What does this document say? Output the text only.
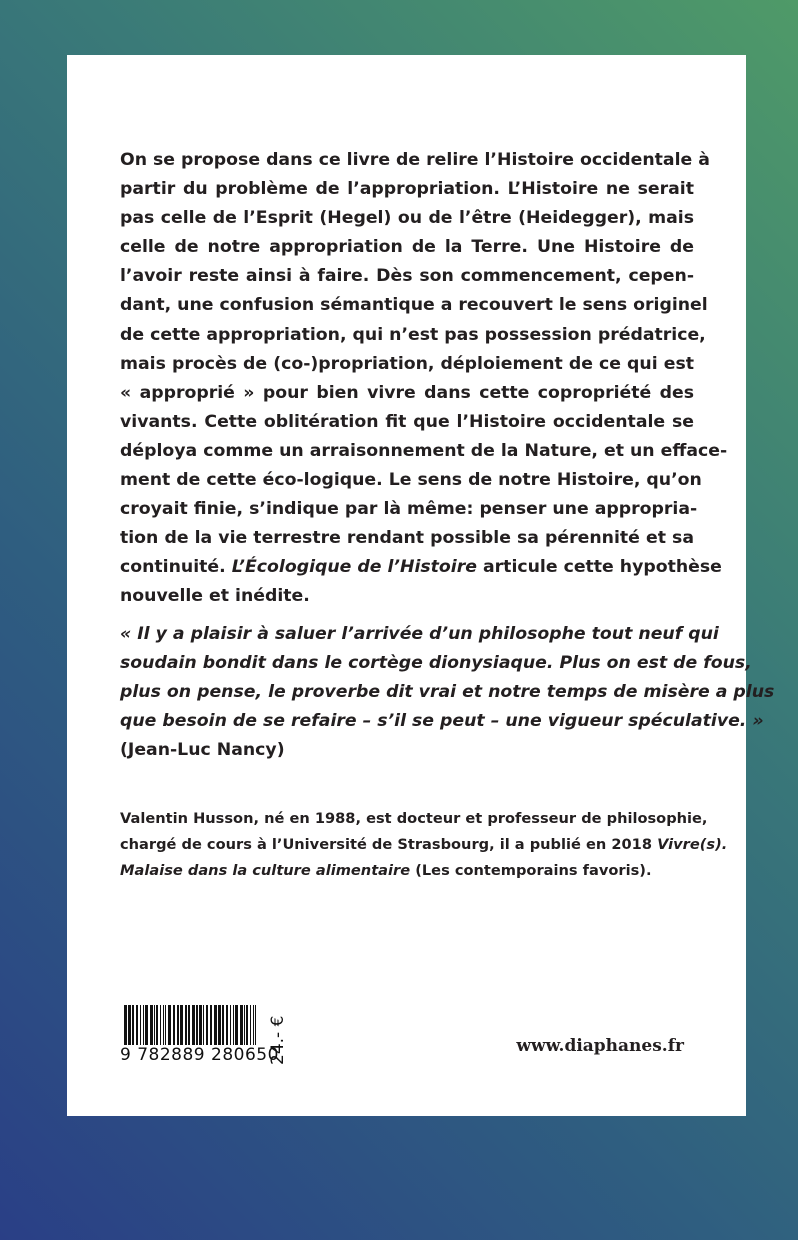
On se propose dans ce livre de relire l’Histoire occidentale à
partir du problème de l’appropriation. L’Histoire ne serait
pas celle de l’Esprit (Hegel) ou de l’être (Heidegger), mais
celle de notre appropriation de la Terre. Une Histoire de
l’avoir reste ainsi à faire. Dès son commencement, cepen-
dant, une confusion sémantique a recouvert le sens originel
de cette appropriation, qui n’est pas possession prédatrice,
mais procès de (co-)propriation, déploiement de ce qui est
« approprié » pour bien vivre dans cette copropriété des
vivants. Cette oblitération fit que l’Histoire occidentale se
déploya comme un arraisonnement de la Nature, et un efface-
ment de cette éco-logique. Le sens de notre Histoire, qu’on
croyait finie, s’indique par là même: penser une appropria-
tion de la vie terrestre rendant possible sa pérennité et sa
continuité. L’Écologique de l’Histoire articule cette hypothèse
nouvelle et inédite.
« Il y a plaisir à saluer l’arrivée d’un philosophe tout neuf qui
soudain bondit dans le cortège dionysiaque. Plus on est de fous,
plus on pense, le proverbe dit vrai et notre temps de misère a plus
que besoin de se refaire – s’il se peut – une vigueur spéculative. »
(Jean-Luc Nancy)
Valentin Husson, né en 1988, est docteur et professeur de philosophie,
chargé de cours à l’Université de Strasbourg, il a publié en 2018 Vivre(s).
Malaise dans la culture alimentaire (Les contemporains favoris).
9 782889 280650
24.- €	www.diaphanes.fr
